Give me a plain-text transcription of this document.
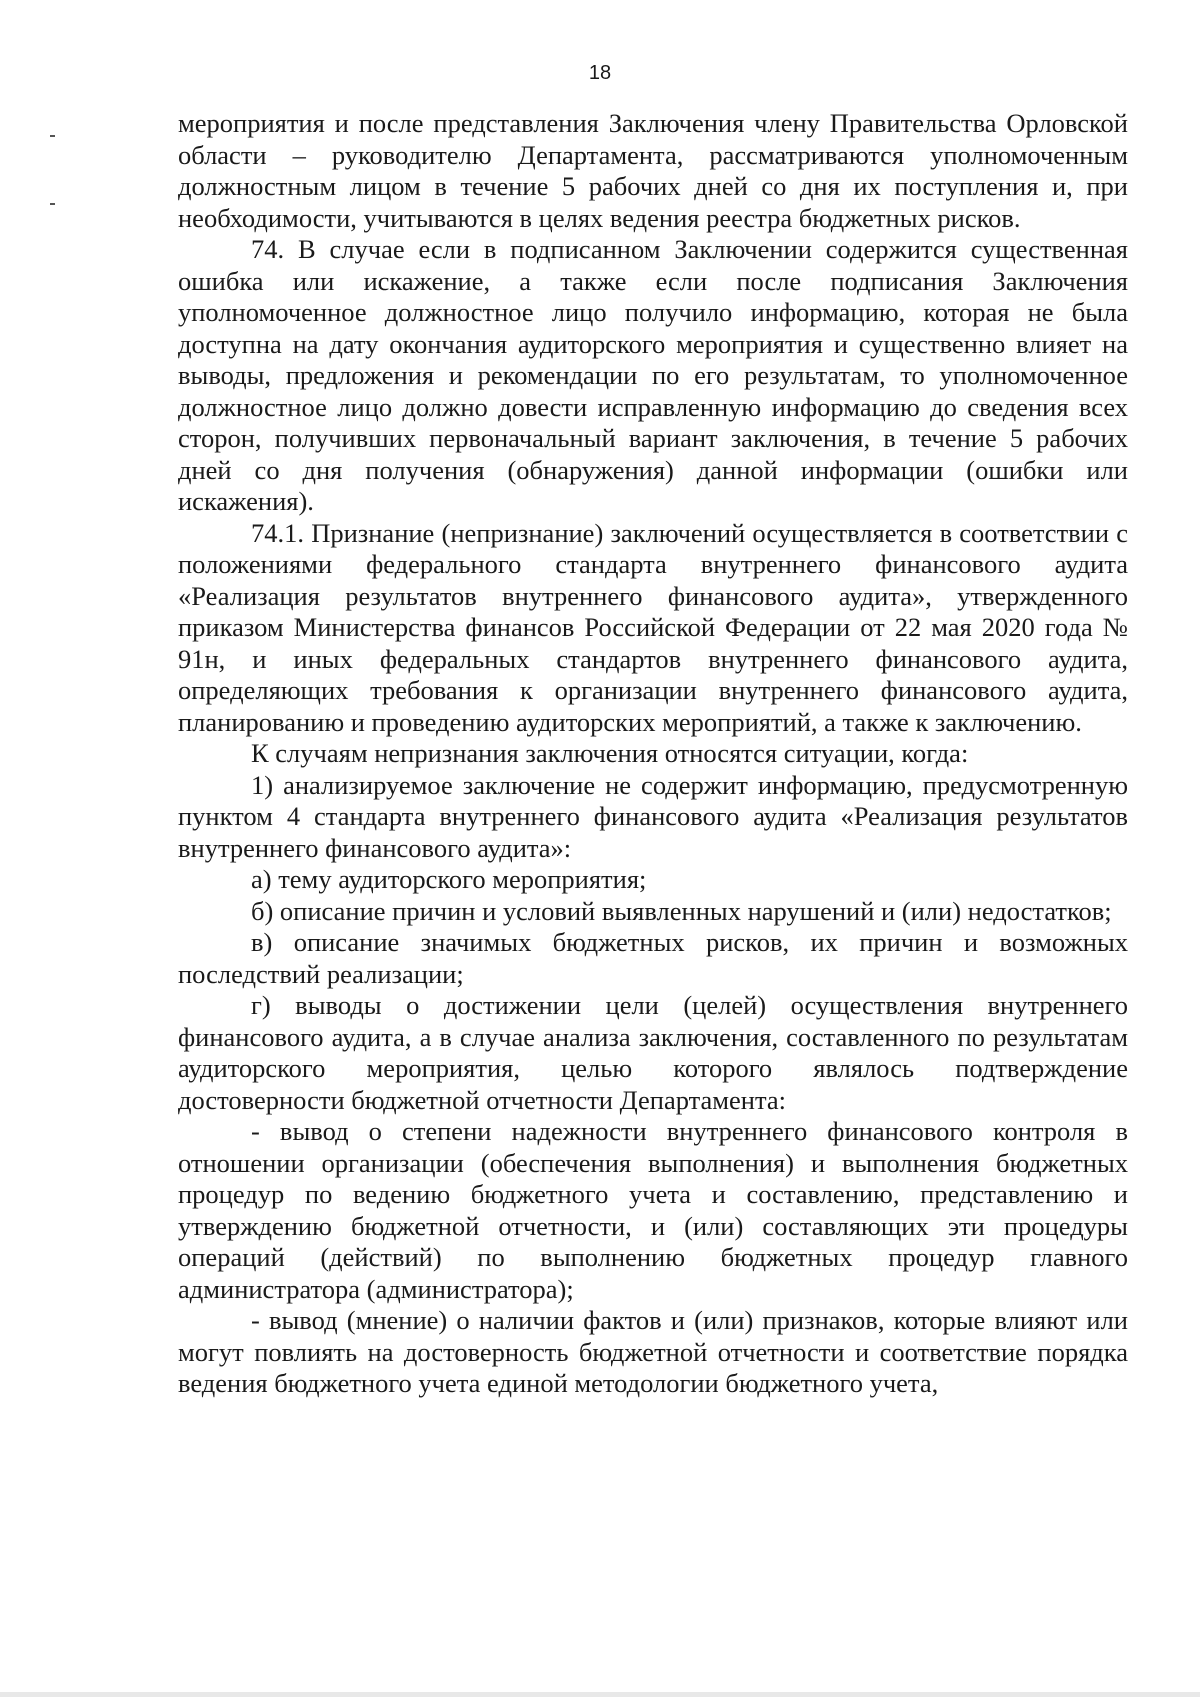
18

мероприятия и после представления Заключения члену Правительства Орловской области – руководителю Департамента, рассматриваются уполномоченным должностным лицом в течение 5 рабочих дней со дня их поступления и, при необходимости, учитываются в целях ведения реестра бюджетных рисков.

74. В случае если в подписанном Заключении содержится существенная ошибка или искажение, а также если после подписания Заключения уполномоченное должностное лицо получило информацию, которая не была доступна на дату окончания аудиторского мероприятия и существенно влияет на выводы, предложения и рекомендации по его результатам, то уполномоченное должностное лицо должно довести исправленную информацию до сведения всех сторон, получивших первоначальный вариант заключения, в течение 5 рабочих дней со дня получения (обнаружения) данной информации (ошибки или искажения).

74.1. Признание (непризнание) заключений осуществляется в соответствии с положениями федерального стандарта внутреннего финансового аудита «Реализация результатов внутреннего финансового аудита», утвержденного приказом Министерства финансов Российской Федерации от 22 мая 2020 года № 91н, и иных федеральных стандартов внутреннего финансового аудита, определяющих требования к организации внутреннего финансового аудита, планированию и проведению аудиторских мероприятий, а также к заключению.

К случаям непризнания заключения относятся ситуации, когда:

1) анализируемое заключение не содержит информацию, предусмотренную пунктом 4 стандарта внутреннего финансового аудита «Реализация результатов внутреннего финансового аудита»:

а) тему аудиторского мероприятия;

б) описание причин и условий выявленных нарушений и (или) недостатков;

в) описание значимых бюджетных рисков, их причин и возможных последствий реализации;

г) выводы о достижении цели (целей) осуществления внутреннего финансового аудита, а в случае анализа заключения, составленного по результатам аудиторского мероприятия, целью которого являлось подтверждение достоверности бюджетной отчетности Департамента:

- вывод о степени надежности внутреннего финансового контроля в отношении организации (обеспечения выполнения) и выполнения бюджетных процедур по ведению бюджетного учета и составлению, представлению и утверждению бюджетной отчетности, и (или) составляющих эти процедуры операций (действий) по выполнению бюджетных процедур главного администратора (администратора);

- вывод (мнение) о наличии фактов и (или) признаков, которые влияют или могут повлиять на достоверность бюджетной отчетности и соответствие порядка ведения бюджетного учета единой методологии бюджетного учета,
